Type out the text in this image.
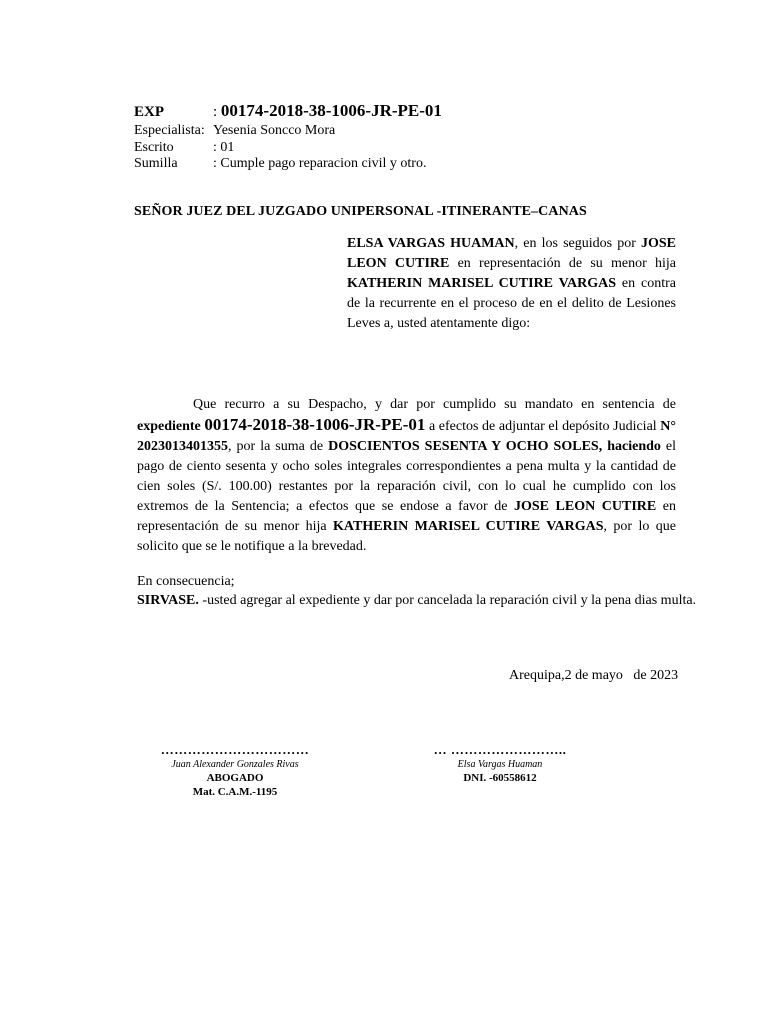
EXP	: 00174-2018-38-1006-JR-PE-01
Especialista: Yesenia Soncco Mora
Escrito	: 01
Sumilla	: Cumple pago reparacion civil y otro.
SEÑOR JUEZ DEL JUZGADO UNIPERSONAL -ITINERANTE–CANAS
ELSA VARGAS HUAMAN, en los seguidos por JOSE LEON CUTIRE en representación de su menor hija KATHERIN MARISEL CUTIRE VARGAS en contra de la recurrente en el proceso de en el delito de Lesiones Leves a, usted atentamente digo:
Que recurro a su Despacho, y dar por cumplido su mandato en sentencia de expediente 00174-2018-38-1006-JR-PE-01 a efectos de adjuntar el depósito Judicial N° 2023013401355, por la suma de DOSCIENTOS SESENTA Y OCHO SOLES, haciendo el pago de ciento sesenta y ocho soles integrales correspondientes a pena multa y la cantidad de cien soles (S/. 100.00) restantes por la reparación civil, con lo cual he cumplido con los extremos de la Sentencia; a efectos que se endose a favor de JOSE LEON CUTIRE en representación de su menor hija KATHERIN MARISEL CUTIRE VARGAS, por lo que solicito que se le notifique a la brevedad.
En consecuencia;
SIRVASE. -usted agregar al expediente y dar por cancelada la reparación civil y la pena dias multa.
Arequipa,2 de mayo   de 2023
……………………………
Juan Alexander Gonzales Rivas
ABOGADO
Mat. C.A.M.-1195
… ……………………..
Elsa Vargas Huaman
DNI. -60558612
